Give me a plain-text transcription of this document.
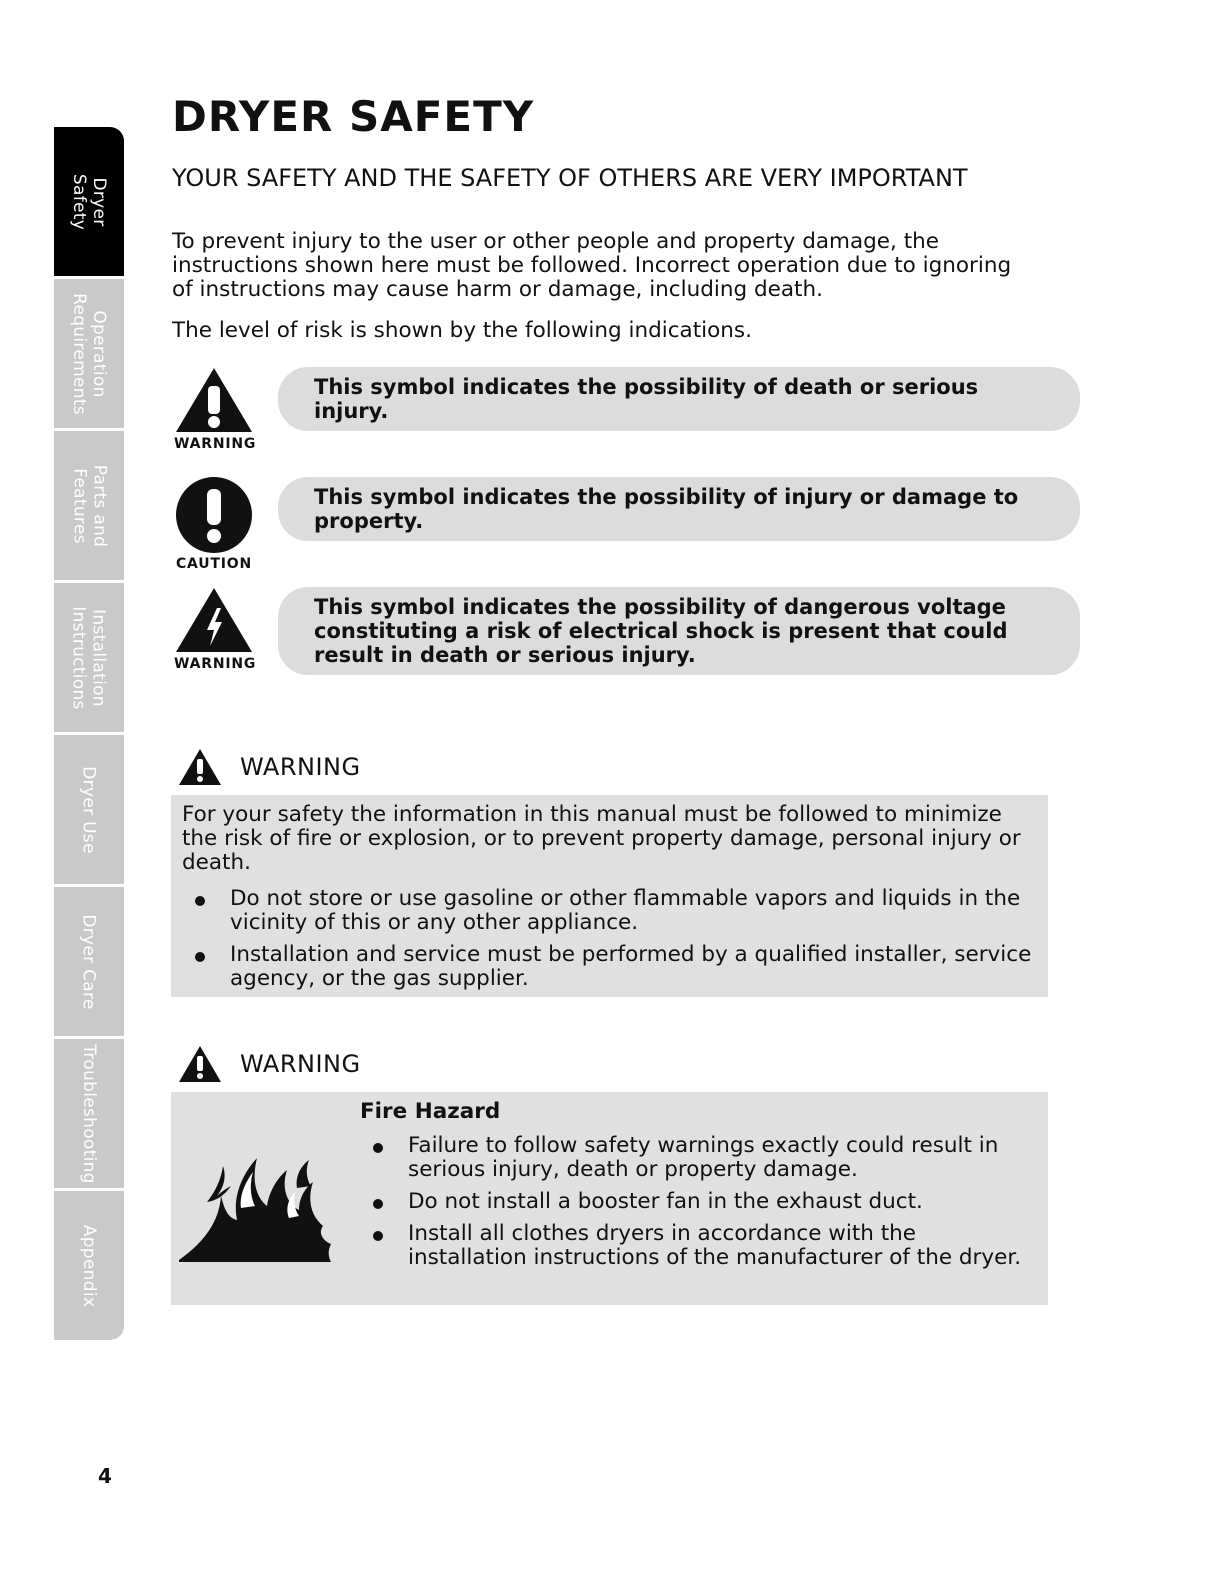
Dryer
Safety
Operation
Requirements
Parts and
Features
Installation
Instructions
Dryer Use
Dryer Care
Troubleshooting
Appendix
DRYER SAFETY
YOUR SAFETY AND THE SAFETY OF OTHERS ARE VERY IMPORTANT

To prevent injury to the user or other people and property damage, the instructions shown here must be followed. Incorrect operation due to ignoring of instructions may cause harm or damage, including death.

The level of risk is shown by the following indications.

WARNING
This symbol indicates the possibility of death or serious injury.
CAUTION
This symbol indicates the possibility of injury or damage to property.
WARNING
This symbol indicates the possibility of dangerous voltage constituting a risk of electrical shock is present that could result in death or serious injury.
WARNING

For your safety the information in this manual must be followed to minimize the risk of fire or explosion, or to prevent property damage, personal injury or death.

Do not store or use gasoline or other flammable vapors and liquids in the vicinity of this or any other appliance.
Installation and service must be performed by a qualified installer, service agency, or the gas supplier.
WARNING

Fire Hazard

Failure to follow safety warnings exactly could result in serious injury, death or property damage.
Do not install a booster fan in the exhaust duct.
Install all clothes dryers in accordance with the installation instructions of the manufacturer of the dryer.
4
